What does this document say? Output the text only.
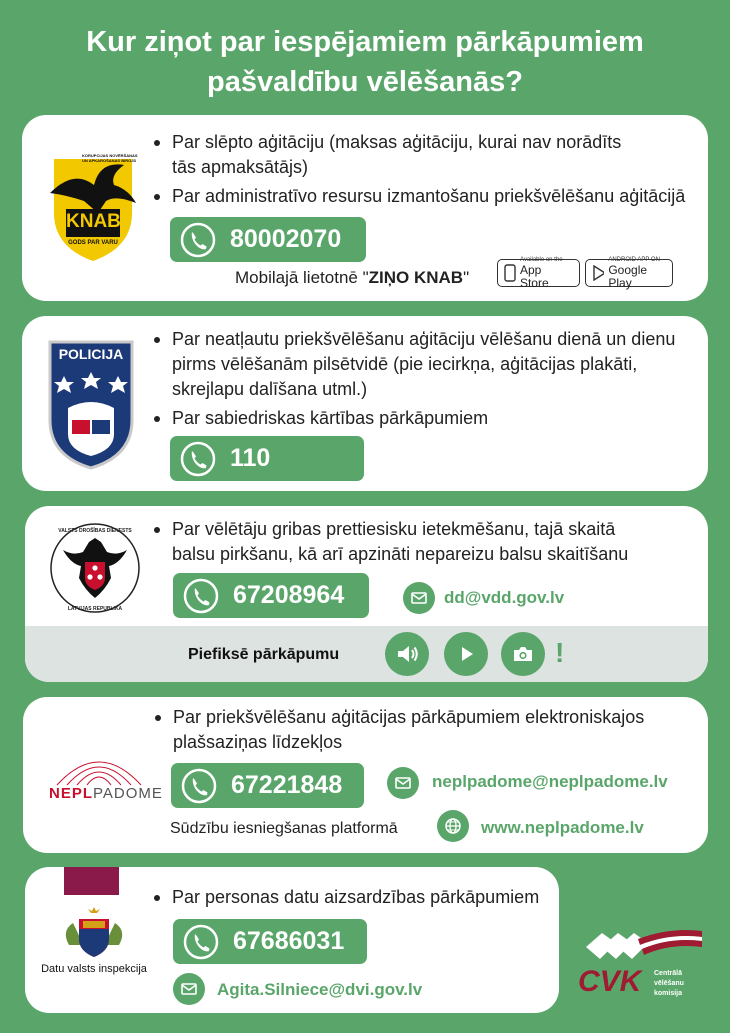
Kur ziņot par iespējamiem pārkāpumiem
pašvaldību vēlēšanās?
KORUPCIJAS NOVĒRŠANAS UN APKAROŠANAS BIROJS
KNAB
GODS PAR VARU
Par slēpto aģitāciju (maksas aģitāciju, kurai nav norādīts tās apmaksātājs)
Par administratīvo resursu izmantošanu priekšvēlēšanu aģitācijā
80002070
Mobilajā lietotnē "ZIŅO KNAB"
Available on the
App Store
ANDROID APP ON
Google Play
POLICIJA
Par neatļautu priekšvēlēšanu aģitāciju vēlēšanu dienā un dienu pirms vēlēšanām pilsētvidē (pie iecirkņa, aģitācijas plakāti, skrejlapu dalīšana utml.)
Par sabiedriskas kārtības pārkāpumiem
110
VALSTS DROŠĪBAS DIENESTS
LATVIJAS REPUBLIKA
Par vēlētāju gribas prettiesisku ietekmēšanu, tajā skaitā balsu pirkšanu, kā arī apzināti nepareizu balsu skaitīšanu
67208964	dd@vdd.gov.lv
Piefiksē pārkāpumu	!
NEPLPADOME
Par priekšvēlēšanu aģitācijas pārkāpumiem elektroniskajos plašsaziņas līdzekļos
67221848	neplpadome@neplpadome.lv
Sūdzību iesniegšanas platformā	www.neplpadome.lv
Datu valsts inspekcija
Par personas datu aizsardzības pārkāpumiem
67686031
Agita.Silniece@dvi.gov.lv	CVK Centrālā
vēlēšanu
komisija
